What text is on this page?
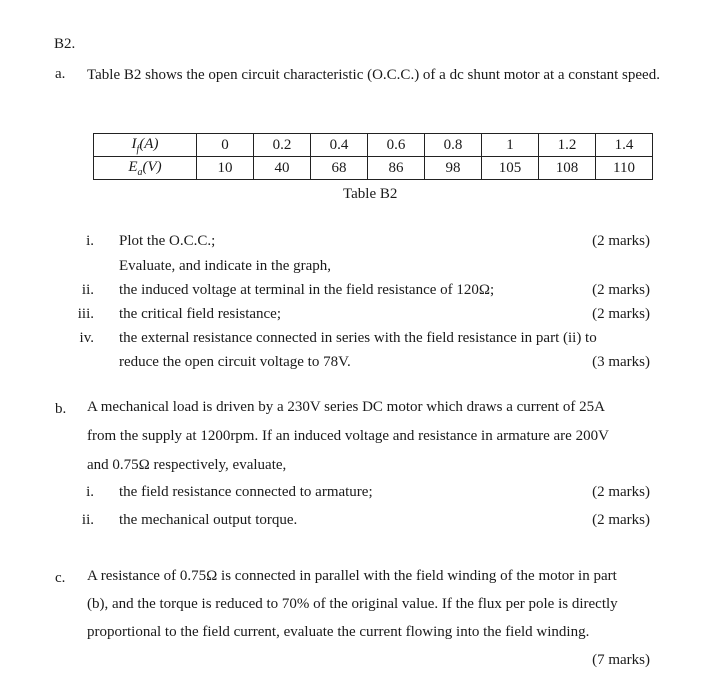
B2.
a. Table B2 shows the open circuit characteristic (O.C.C.) of a dc shunt motor at a constant speed.
$I_f(A)$	0	0.2	0.4	0.6	0.8	1	1.2	1.4
$E_a(V)$	10	40	68	86	98	105	108	110
Table B2
i. Plot the O.C.C.;	(2 marks)
Evaluate, and indicate in the graph,
ii. the induced voltage at terminal in the field resistance of 120Ω;	(2 marks)
iii. the critical field resistance;	(2 marks)
iv. the external resistance connected in series with the field resistance in part (ii) to
reduce the open circuit voltage to 78V.	(3 marks)
b. A mechanical load is driven by a 230V series DC motor which draws a current of 25A
from the supply at 1200rpm. If an induced voltage and resistance in armature are 200V
and 0.75Ω respectively, evaluate,
i. the field resistance connected to armature;	(2 marks)
ii. the mechanical output torque.	(2 marks)
c. A resistance of 0.75Ω is connected in parallel with the field winding of the motor in part
(b), and the torque is reduced to 70% of the original value. If the flux per pole is directly
proportional to the field current, evaluate the current flowing into the field winding.
(7 marks)
